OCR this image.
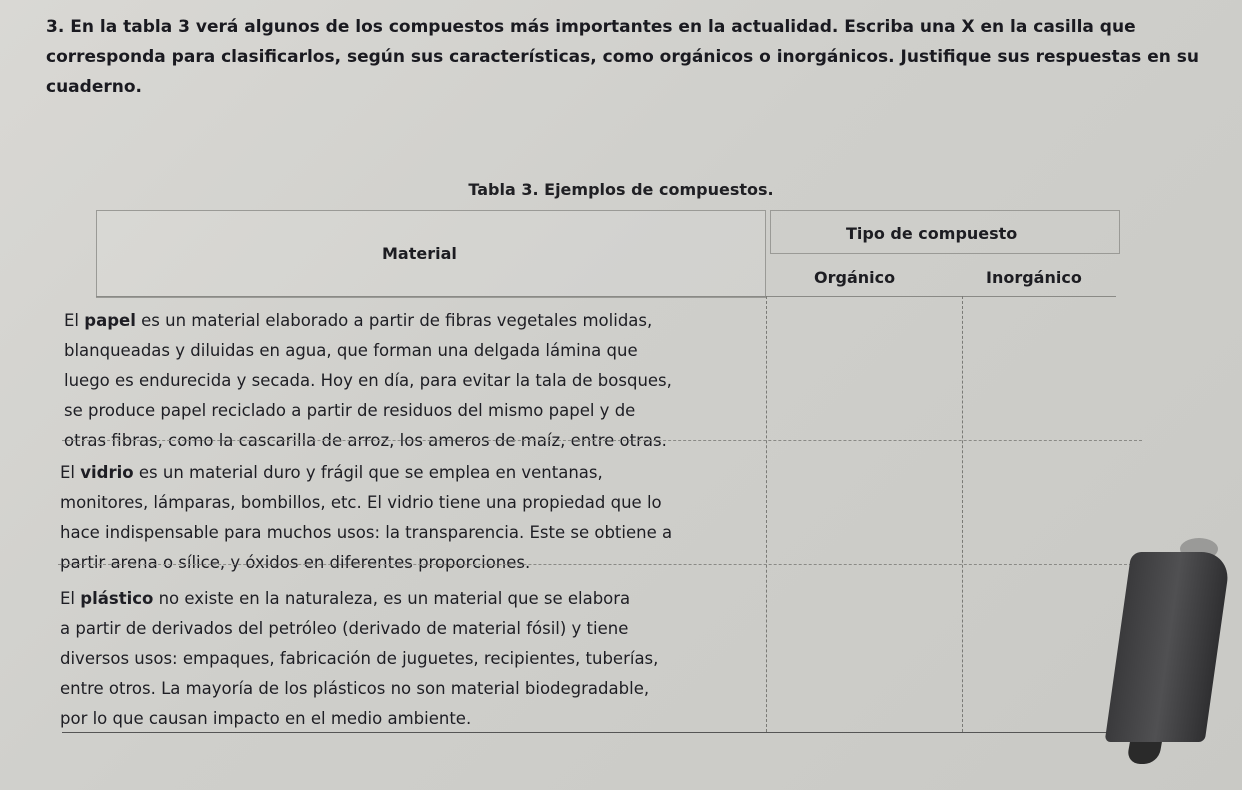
3. En la tabla 3 verá algunos de los compuestos más importantes en la actualidad. Escriba una X en la casilla que corresponda para clasificarlos, según sus características, como orgánicos o inorgánicos. Justifique sus respuestas en su cuaderno.
Tabla 3. Ejemplos de compuestos.
Material
Tipo de compuesto
Orgánico	Inorgánico
El papel es un material elaborado a partir de fibras vegetales molidas,
blanqueadas y diluidas en agua, que forman una delgada lámina que
luego es endurecida y secada. Hoy en día, para evitar la tala de bosques,
se produce papel reciclado a partir de residuos del mismo papel y de
otras fibras, como la cascarilla de arroz, los ameros de maíz, entre otras.
El vidrio es un material duro y frágil que se emplea en ventanas,
monitores, lámparas, bombillos, etc. El vidrio tiene una propiedad que lo
hace indispensable para muchos usos: la transparencia. Este se obtiene a
partir arena o sílice, y óxidos en diferentes proporciones.
El plástico no existe en la naturaleza, es un material que se elabora
a partir de derivados del petróleo (derivado de material fósil) y tiene
diversos usos: empaques, fabricación de juguetes, recipientes, tuberías,
entre otros. La mayoría de los plásticos no son material biodegradable,
por lo que causan impacto en el medio ambiente.
